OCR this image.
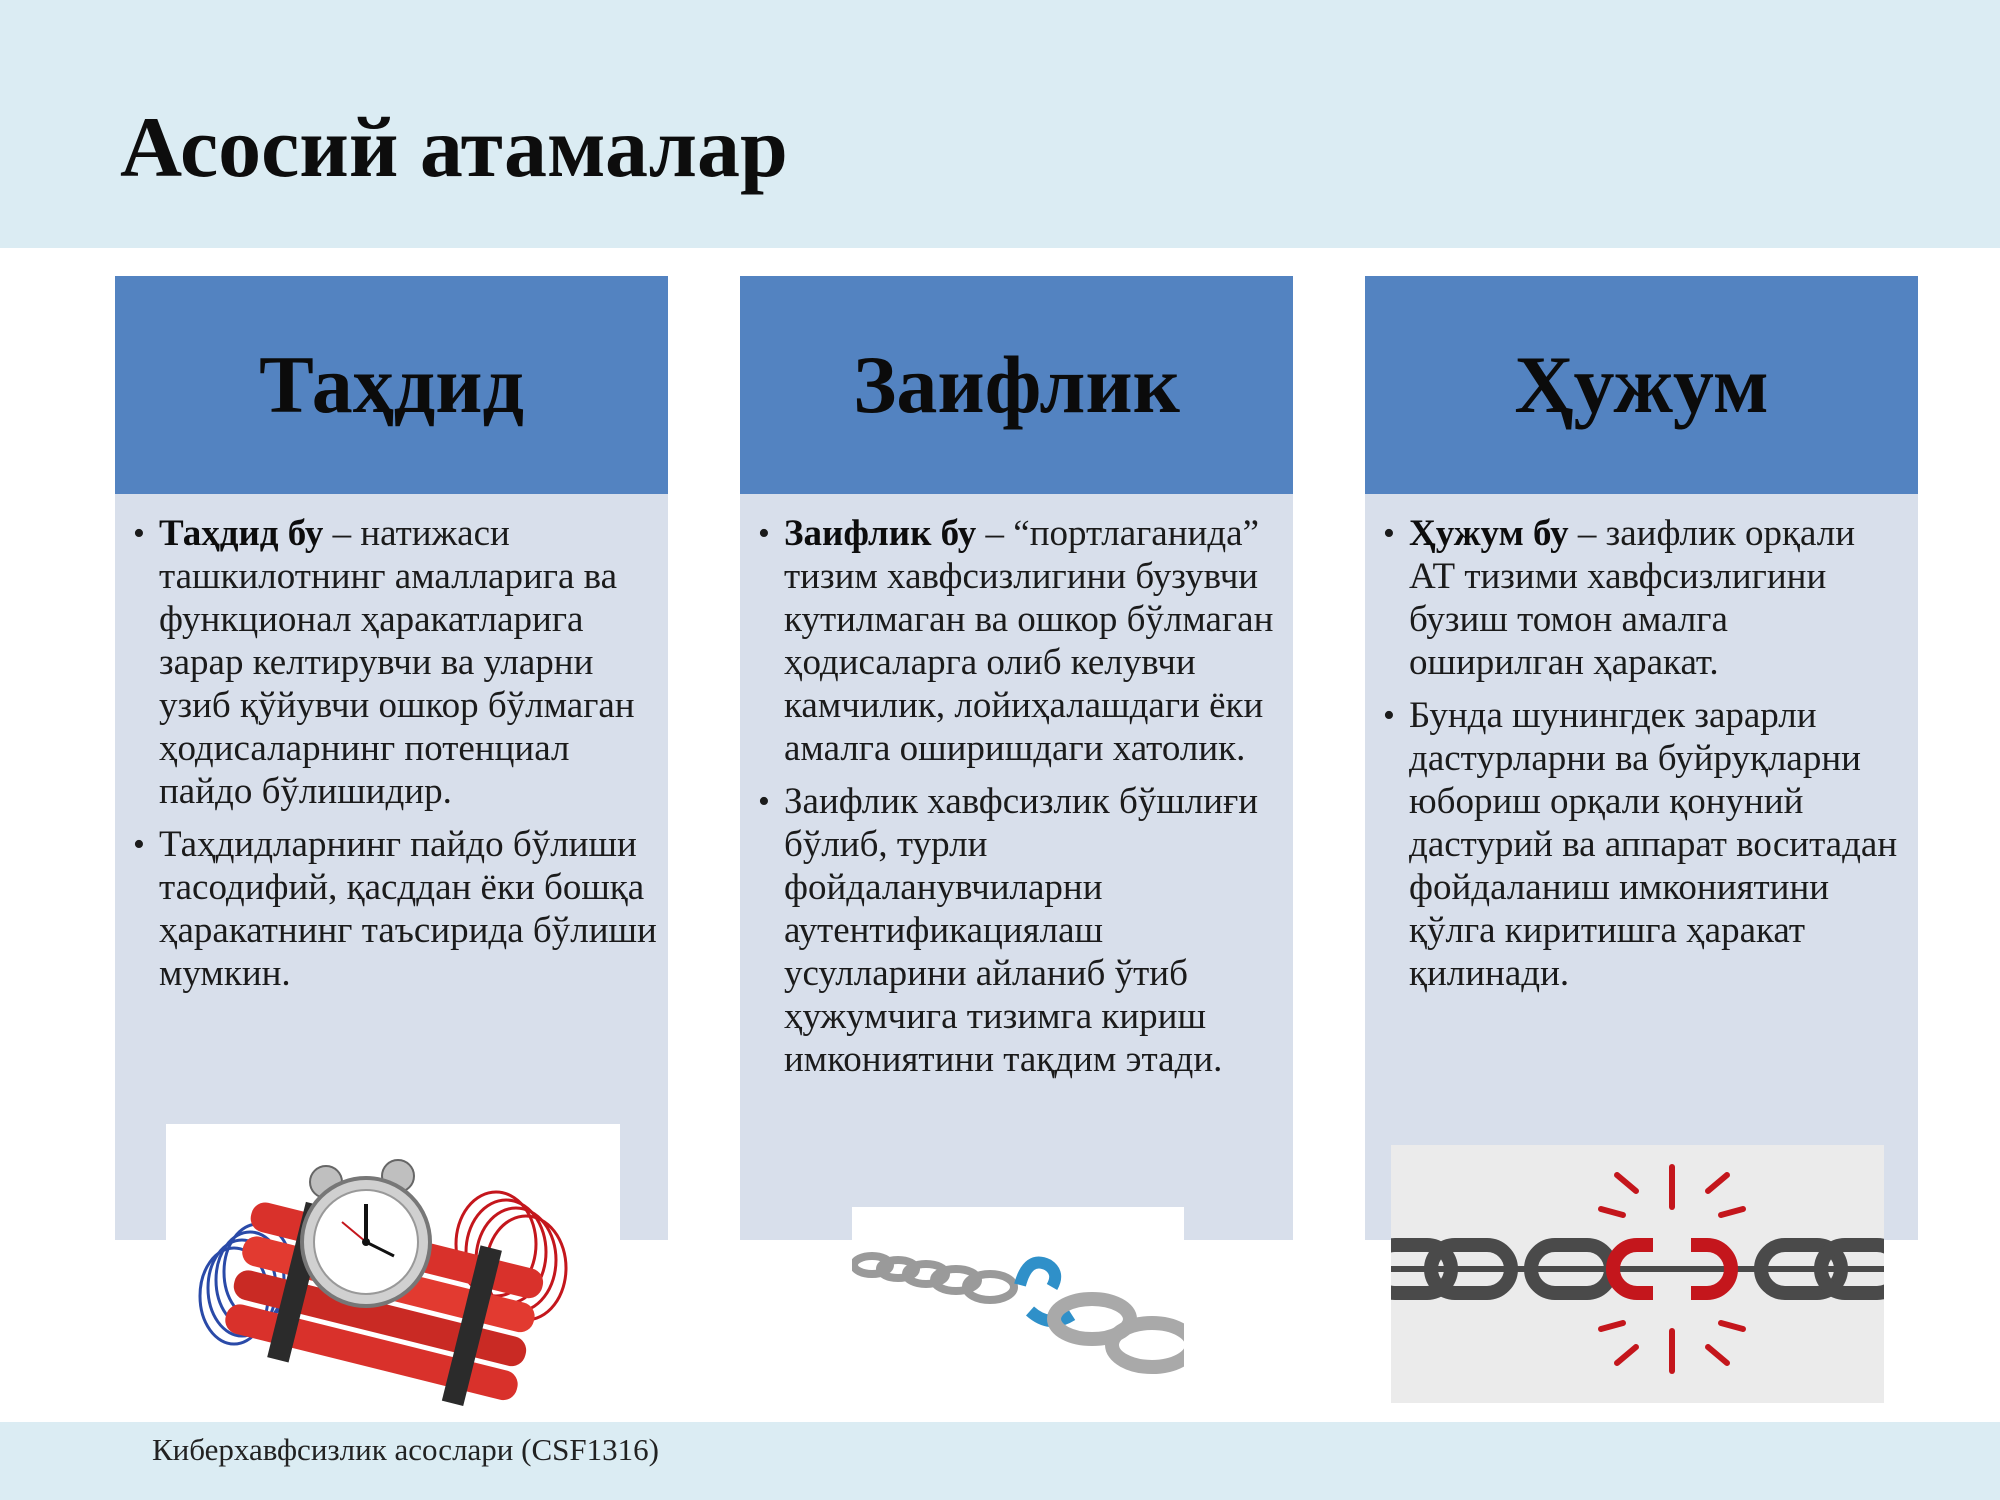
Асосий атамалар
Таҳдид

• Таҳдид бу – натижаси ташкилотнинг амалларига ва функционал ҳаракатларига зарар келтирувчи ва уларни узиб қўйувчи ошкор бўлмаган ҳодисаларнинг потенциал пайдо бўлишидир.

• Таҳдидларнинг пайдо бўлиши тасодифий, қасддан ёки бошқа ҳаракатнинг таъсирида бўлиши мумкин.

Заифлик

• Заифлик бу – “портлаганида” тизим хавфсизлигини бузувчи кутилмаган ва ошкор бўлмаган ҳодисаларга олиб келувчи камчилик, лойиҳалашдаги ёки амалга оширишдаги хатолик.

• Заифлик хавфсизлик бўшлиғи бўлиб, турли фойдаланувчиларни аутентификациялаш усулларини айланиб ўтиб ҳужумчига тизимга кириш имкониятини тақдим этади.

Ҳужум

• Ҳужум бу – заифлик орқали АТ тизими хавфсизлигини бузиш томон амалга оширилган ҳаракат.

• Бунда шунингдек зарарли дастурларни ва буйруқларни юбориш орқали қонуний дастурий ва аппарат воситадан фойдаланиш имкониятини қўлга киритишга ҳаракат қилинади.

Киберхавфсизлик асослари (CSF1316)
